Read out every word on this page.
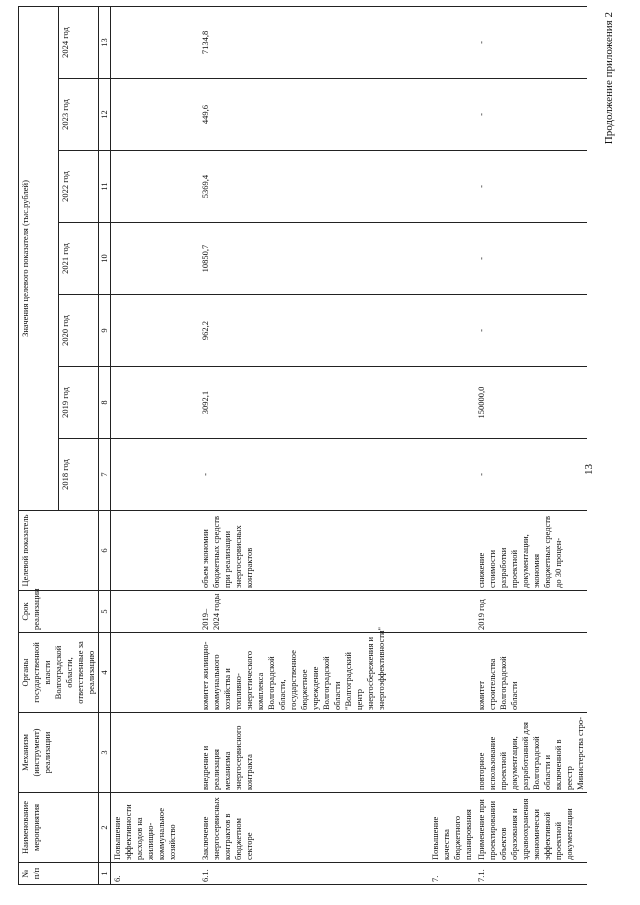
13
Продолжение приложения 2
№ п/п	Наименование мероприятия	Механизм (инструмент) реализации	Органы государственной власти Волгоградской области, ответственные за реализацию	Срок реализации	Целевой показатель	Значения целевого показателя (тыс.рублей)						
						2018 год	2019 год	2020 год	2021 год	2022 год	2023 год	2024 год
1	2	3	4	5	6	7	8	9	10	11	12	13
6.	Повышение эффективности расходов на жилищно-коммунальное хозяйство											
6.1.	Заключение энергосервисных контрактов в бюджетном секторе	внедрение и реализация механизма энергосервисного контракта	комитет жилищно-коммунального хозяйства и топливно-энергетического комплекса Волгоградской области, государственное бюджетное учреждение Волгоградской области "Волгоградский центр энергосбережения и энергоэффективности"	2019–2024 годы	объем экономии бюджетных средств при реализации энергосервисных контрактов	-	3092,1	962,2	10850,7	5369,4	449,6	7134,8
7.	Повышение качества бюджетного планирования											
7.1.	Применение при проектировании объектов образования и здравоохранения экономически эффективной проектной документации	повторное использование проектной документации, разработанной для Волгоградской области и включенной в реестр Министерства стро-	комитет строительства Волгоградской области	2019 год	снижение стоимости разработки проектной документации, экономия бюджетных средств до 30 процен-	-	150000,0	-	-	-	-	-
